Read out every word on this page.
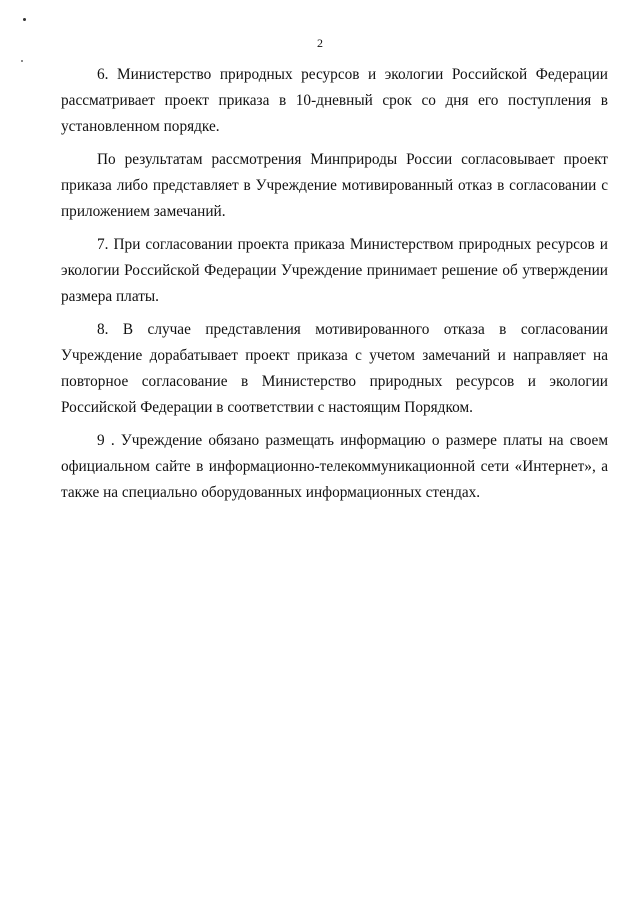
2

6. Министерство природных ресурсов и экологии Российской Федерации рассматривает проект приказа в 10-дневный срок со дня его поступления в установленном порядке.

По результатам рассмотрения Минприроды России согласовывает проект приказа либо представляет в Учреждение мотивированный отказ в согласовании с приложением замечаний.

7. При согласовании проекта приказа Министерством природных ресурсов и экологии Российской Федерации Учреждение принимает решение об утверждении размера платы.

8. В случае представления мотивированного отказа в согласовании Учреждение дорабатывает проект приказа с учетом замечаний и направляет на повторное согласование в Министерство природных ресурсов и экологии Российской Федерации в соответствии с настоящим Порядком.

9 . Учреждение обязано размещать информацию о размере платы на своем официальном сайте в информационно-телекоммуникационной сети «Интернет», а также на специально оборудованных информационных стендах.
